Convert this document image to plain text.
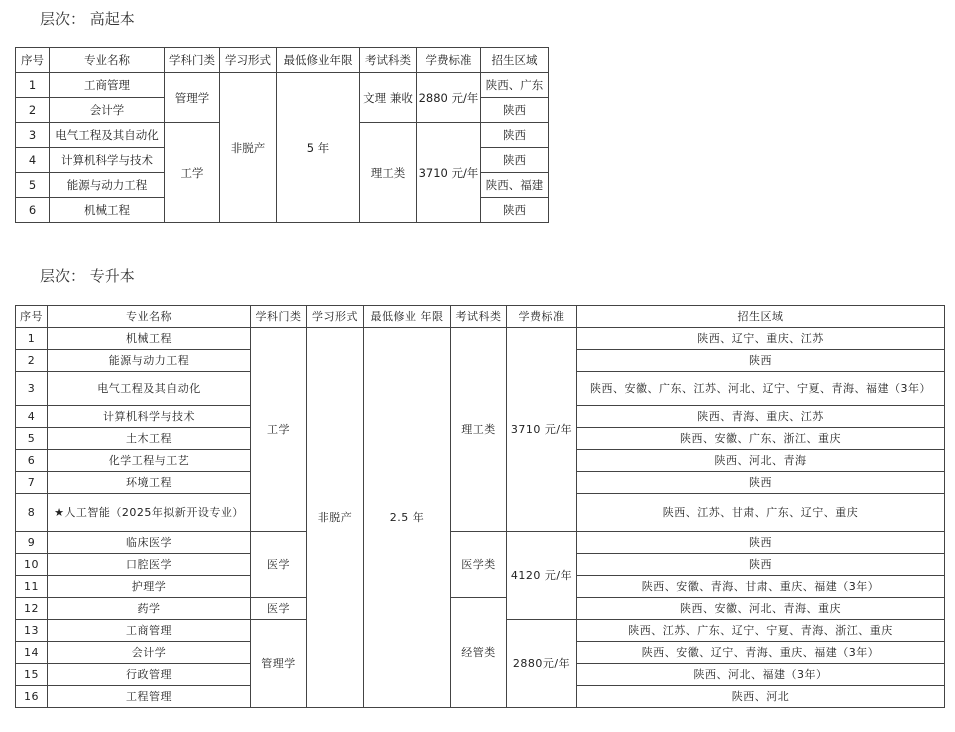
层次： 高起本
序号	专业名称	学科门类	学习形式	最低修业年限	考试科类	学费标准	招生区域
1	工商管理	管理学	非脱产	5 年	文理 兼收	2880 元/年	陕西、广东
2	会计学						陕西
3	电气工程及其自动化	工学			理工类	3710 元/年	陕西
4	计算机科学与技术						陕西
5	能源与动力工程						陕西、福建
6	机械工程						陕西
层次： 专升本
序号	专业名称	学科门类	学习形式	最低修业 年限	考试科类	学费标准	招生区域
1	机械工程	工学	非脱产	2.5 年	理工类	3710 元/年	陕西、辽宁、重庆、江苏
2	能源与动力工程						陕西
3	电气工程及其自动化						陕西、安徽、广东、江苏、河北、辽宁、宁夏、青海、福建（3年）
4	计算机科学与技术						陕西、青海、重庆、江苏
5	土木工程						陕西、安徽、广东、浙江、重庆
6	化学工程与工艺						陕西、河北、青海
7	环境工程						陕西
8	★人工智能（2025年拟新开设专业）						陕西、江苏、甘肃、广东、辽宁、重庆
9	临床医学	医学			医学类	4120 元/年	陕西
10	口腔医学						陕西
11	护理学						陕西、安徽、青海、甘肃、重庆、福建（3年）
12	药学	医学			经管类		陕西、安徽、河北、青海、重庆
13	工商管理	管理学				2880元/年	陕西、江苏、广东、辽宁、宁夏、青海、浙江、重庆
14	会计学						陕西、安徽、辽宁、青海、重庆、福建（3年）
15	行政管理						陕西、河北、福建（3年）
16	工程管理						陕西、河北
